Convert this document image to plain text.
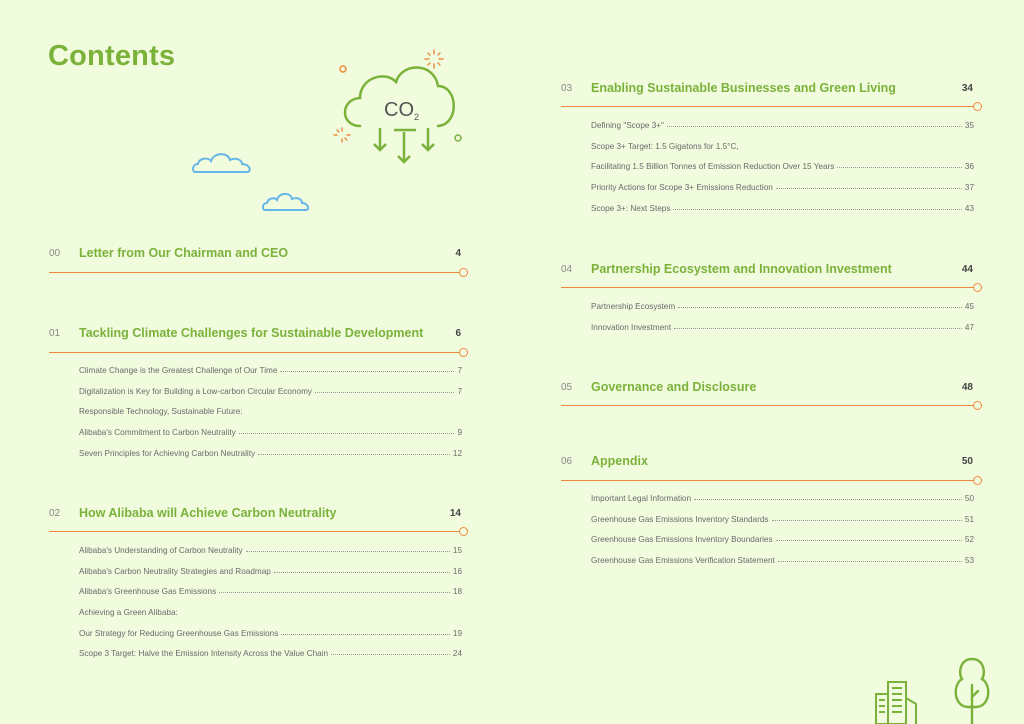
Contents
CO 2
00	Letter from Our Chairman and CEO	4
01	Tackling Climate Challenges for Sustainable Development	6
Climate Change is the Greatest Challenge of Our Time	7
Digitalization is Key for Building a Low-carbon Circular Economy	7
Responsible Technology, Sustainable Future:
Alibaba's Commitment to Carbon Neutrality	9
Seven Principles for Achieving Carbon Neutrality	12
02	How Alibaba will Achieve Carbon Neutrality	14
Alibaba's Understanding of Carbon Neutrality	15
Alibaba's Carbon Neutrality Strategies and Roadmap	16
Alibaba's Greenhouse Gas Emissions	18
Achieving a Green Alibaba:
Our Strategy for Reducing Greenhouse Gas Emissions	19
Scope 3 Target: Halve the Emission Intensity Across the Value Chain	24
03	Enabling Sustainable Businesses and Green Living	34
Defining "Scope 3+"	35
Scope 3+ Target: 1.5 Gigatons for 1.5°C,
Facilitating 1.5 Billion Tonnes of Emission Reduction Over 15 Years	36
Priority Actions for Scope 3+ Emissions Reduction	37
Scope 3+: Next Steps	43
04	Partnership Ecosystem and Innovation Investment	44
Partnership Ecosystem	45
Innovation Investment	47
05	Governance and Disclosure	48
06	Appendix	50
Important Legal Information	50
Greenhouse Gas Emissions Inventory Standards	51
Greenhouse Gas Emissions Inventory Boundaries	52
Greenhouse Gas Emissions Verification Statement	53
